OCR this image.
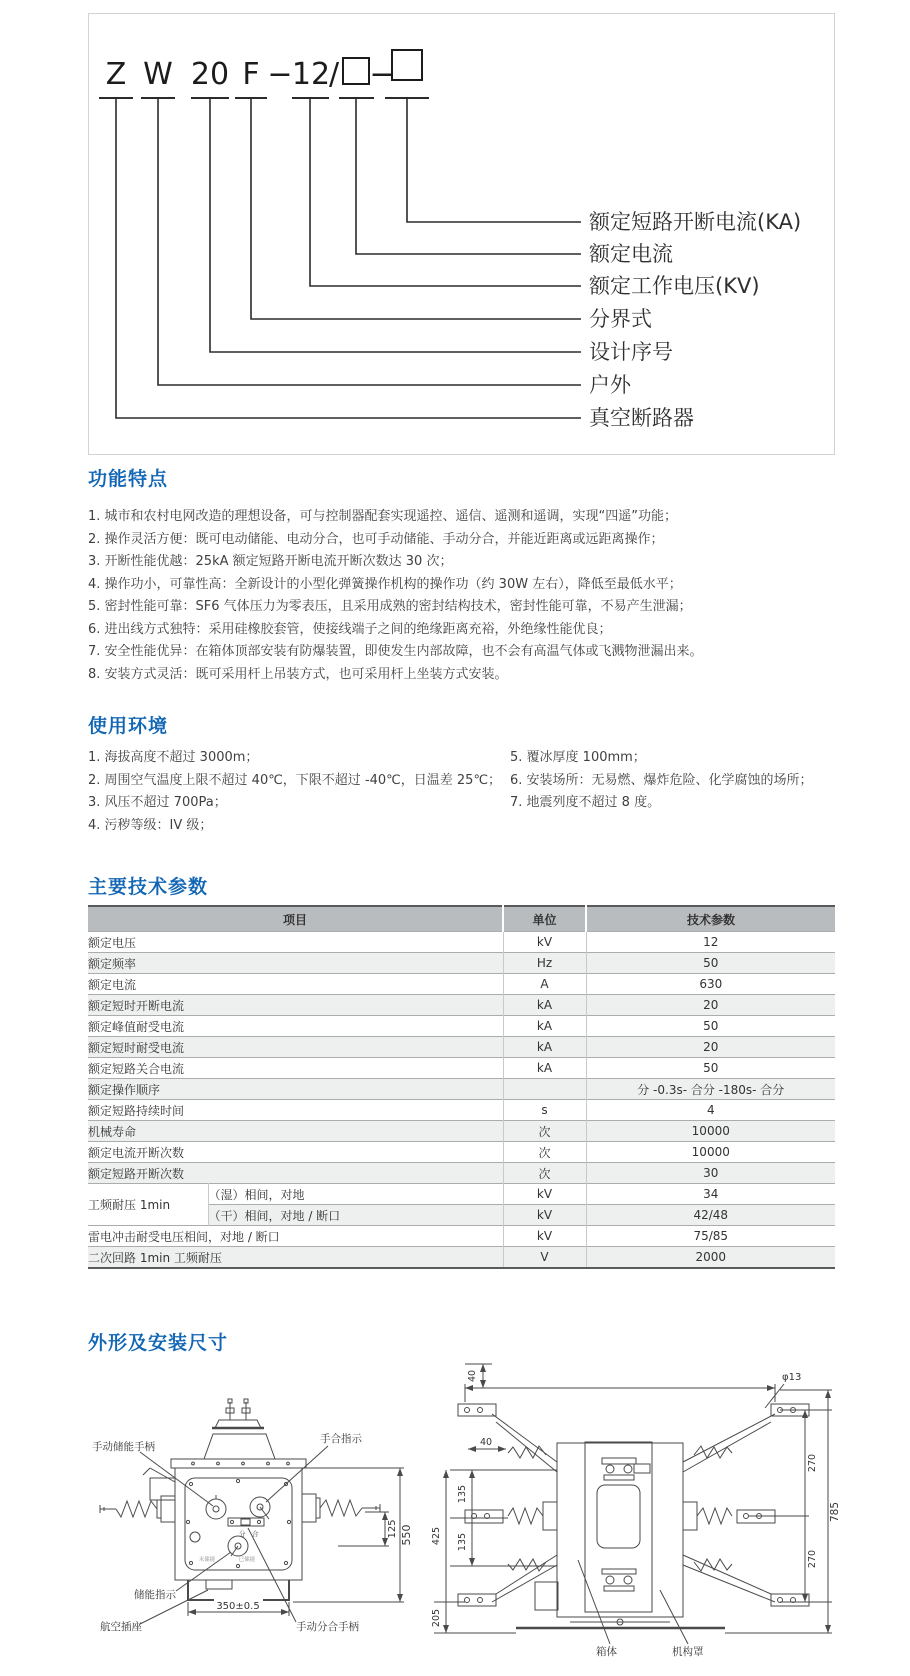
Z W 20 F − 12
/ −
额定短路开断电流(KA)
额定电流
额定工作电压(KV)
分界式
设计序号
户外
真空断路器
功能特点

1. 城市和农村电网改造的理想设备，可与控制器配套实现遥控、遥信、遥测和遥调，实现“四遥”功能；

2. 操作灵活方便：既可电动储能、电动分合，也可手动储能、手动分合，并能近距离或远距离操作；

3. 开断性能优越：25kA 额定短路开断电流开断次数达 30 次；

4. 操作功小，可靠性高：全新设计的小型化弹簧操作机构的操作功（约 30W 左右），降低至最低水平；

5. 密封性能可靠：SF6 气体压力为零表压，且采用成熟的密封结构技术，密封性能可靠，不易产生泄漏；

6. 进出线方式独特：采用硅橡胶套管，使接线端子之间的绝缘距离充裕，外绝缘性能优良；

7. 安全性能优异：在箱体顶部安装有防爆装置，即使发生内部故障，也不会有高温气体或飞溅物泄漏出来。

8. 安装方式灵活：既可采用杆上吊装方式，也可采用杆上坐装方式安装。

使用环境

1. 海拔高度不超过 3000m；

2. 周围空气温度上限不超过 40℃，下限不超过 -40℃，日温差 25℃；

3. 风压不超过 700Pa；

4. 污秽等级：IV 级；

5. 覆冰厚度 100mm；

6. 安装场所：无易燃、爆炸危险、化学腐蚀的场所；

7. 地震列度不超过 8 度。

主要技术参数
项目		单位	技术参数
额定电压		kV	12
额定频率		Hz	50
额定电流		A	630
额定短时开断电流		kA	20
额定峰值耐受电流		kA	50
额定短时耐受电流		kA	20
额定短路关合电流		kA	50
额定操作顺序			分 -0.3s- 合分 -180s- 合分
额定短路持续时间		s	4
机械寿命		次	10000
额定电流开断次数		次	10000
额定短路开断次数		次	30
工频耐压 1min	（湿）相间，对地	kV	34
	（干）相间，对地 / 断口	kV	42/48
雷电冲击耐受电压相间，对地 / 断口		kV	75/85
二次回路 1min 工频耐压		V	2000
外形及安装尺寸
550
125
350±0.5
手动储能手柄
手合指示
储能指示
航空插座	手动分合手柄
分 合
未储能	已储能
40
40
135
135
425
205
φ13
270
270
785
箱体	机构罩
